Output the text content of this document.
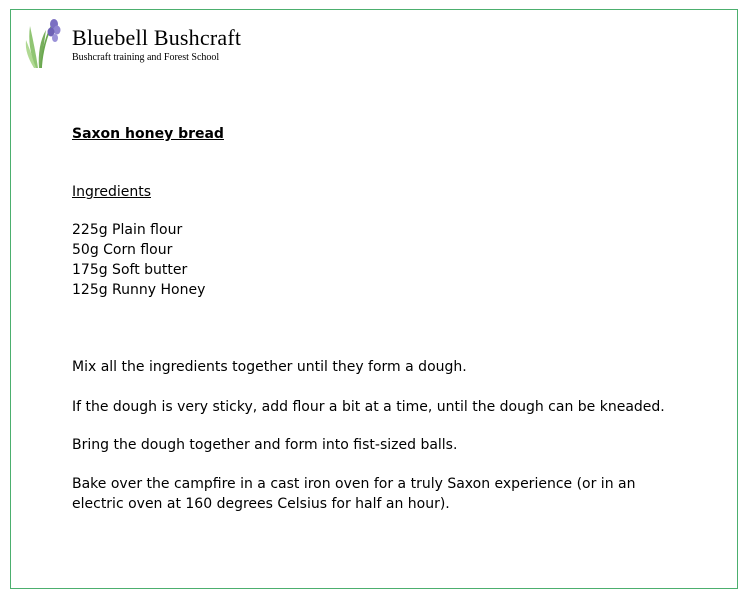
Bluebell Bushcraft
Bushcraft training and Forest School
Saxon honey bread
Ingredients
225g Plain flour
50g Corn flour
175g Soft butter
125g Runny Honey
Mix all the ingredients together until they form a dough.
If the dough is very sticky, add flour a bit at a time, until the dough can be kneaded.
Bring the dough together and form into fist-sized balls.
Bake over the campfire in a cast iron oven for a truly Saxon experience (or in an electric oven at 160 degrees Celsius for half an hour).
